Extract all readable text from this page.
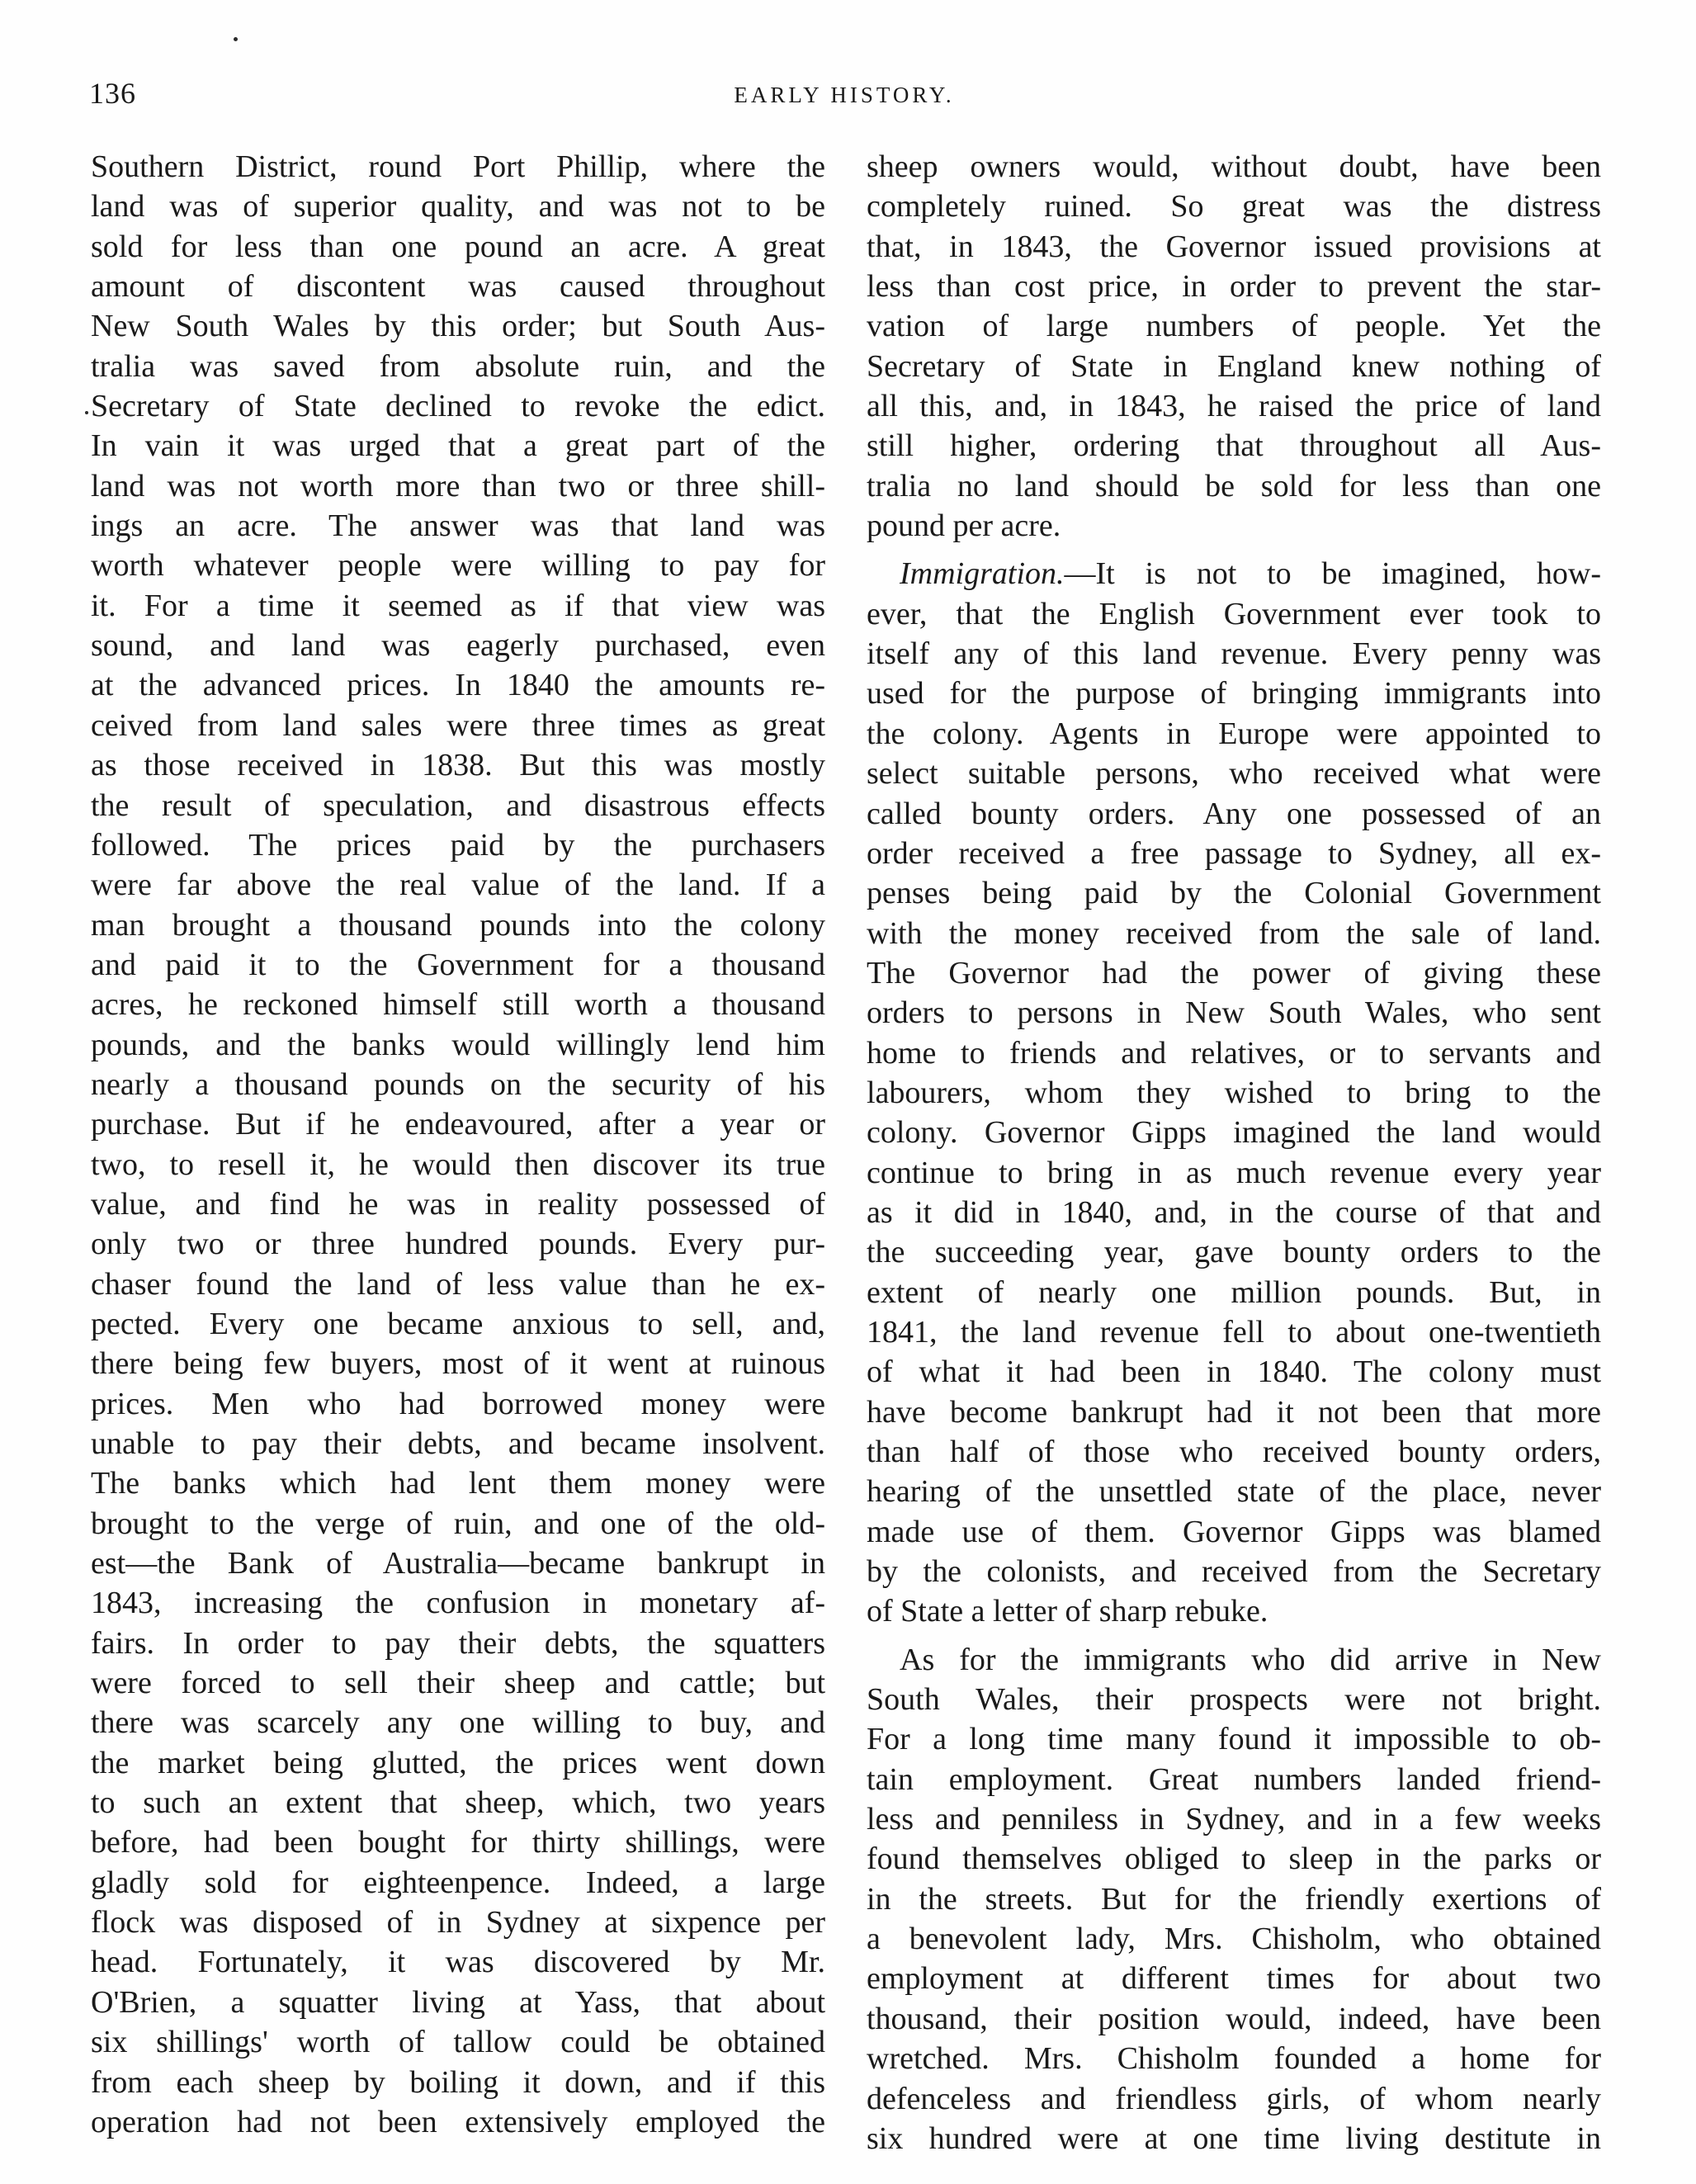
136	EARLY HISTORY.
Southern District, round Port Phillip, where the
land was of superior quality, and was not to be
sold for less than one pound an acre. A great
amount of discontent was caused throughout
New South Wales by this order; but South Aus-
tralia was saved from absolute ruin, and the
Secretary of State declined to revoke the edict.
In vain it was urged that a great part of the
land was not worth more than two or three shill-
ings an acre. The answer was that land was
worth whatever people were willing to pay for
it. For a time it seemed as if that view was
sound, and land was eagerly purchased, even
at the advanced prices. In 1840 the amounts re-
ceived from land sales were three times as great
as those received in 1838. But this was mostly
the result of speculation, and disastrous effects
followed. The prices paid by the purchasers
were far above the real value of the land. If a
man brought a thousand pounds into the colony
and paid it to the Government for a thousand
acres, he reckoned himself still worth a thousand
pounds, and the banks would willingly lend him
nearly a thousand pounds on the security of his
purchase. But if he endeavoured, after a year or
two, to resell it, he would then discover its true
value, and find he was in reality possessed of
only two or three hundred pounds. Every pur-
chaser found the land of less value than he ex-
pected. Every one became anxious to sell, and,
there being few buyers, most of it went at ruinous
prices. Men who had borrowed money were
unable to pay their debts, and became insolvent.
The banks which had lent them money were
brought to the verge of ruin, and one of the old-
est—the Bank of Australia—became bankrupt in
1843, increasing the confusion in monetary af-
fairs. In order to pay their debts, the squatters
were forced to sell their sheep and cattle; but
there was scarcely any one willing to buy, and
the market being glutted, the prices went down
to such an extent that sheep, which, two years
before, had been bought for thirty shillings, were
gladly sold for eighteenpence. Indeed, a large
flock was disposed of in Sydney at sixpence per
head. Fortunately, it was discovered by Mr.
O'Brien, a squatter living at Yass, that about
six shillings' worth of tallow could be obtained
from each sheep by boiling it down, and if this
operation had not been extensively employed the
sheep owners would, without doubt, have been
completely ruined. So great was the distress
that, in 1843, the Governor issued provisions at
less than cost price, in order to prevent the star-
vation of large numbers of people. Yet the
Secretary of State in England knew nothing of
all this, and, in 1843, he raised the price of land
still higher, ordering that throughout all Aus-
tralia no land should be sold for less than one
pound per acre.
Immigration.—It is not to be imagined, how-
ever, that the English Government ever took to
itself any of this land revenue. Every penny was
used for the purpose of bringing immigrants into
the colony. Agents in Europe were appointed to
select suitable persons, who received what were
called bounty orders. Any one possessed of an
order received a free passage to Sydney, all ex-
penses being paid by the Colonial Government
with the money received from the sale of land.
The Governor had the power of giving these
orders to persons in New South Wales, who sent
home to friends and relatives, or to servants and
labourers, whom they wished to bring to the
colony. Governor Gipps imagined the land would
continue to bring in as much revenue every year
as it did in 1840, and, in the course of that and
the succeeding year, gave bounty orders to the
extent of nearly one million pounds. But, in
1841, the land revenue fell to about one-twentieth
of what it had been in 1840. The colony must
have become bankrupt had it not been that more
than half of those who received bounty orders,
hearing of the unsettled state of the place, never
made use of them. Governor Gipps was blamed
by the colonists, and received from the Secretary
of State a letter of sharp rebuke.
As for the immigrants who did arrive in New
South Wales, their prospects were not bright.
For a long time many found it impossible to ob-
tain employment. Great numbers landed friend-
less and penniless in Sydney, and in a few weeks
found themselves obliged to sleep in the parks or
in the streets. But for the friendly exertions of
a benevolent lady, Mrs. Chisholm, who obtained
employment at different times for about two
thousand, their position would, indeed, have been
wretched. Mrs. Chisholm founded a home for
defenceless and friendless girls, of whom nearly
six hundred were at one time living destitute in
